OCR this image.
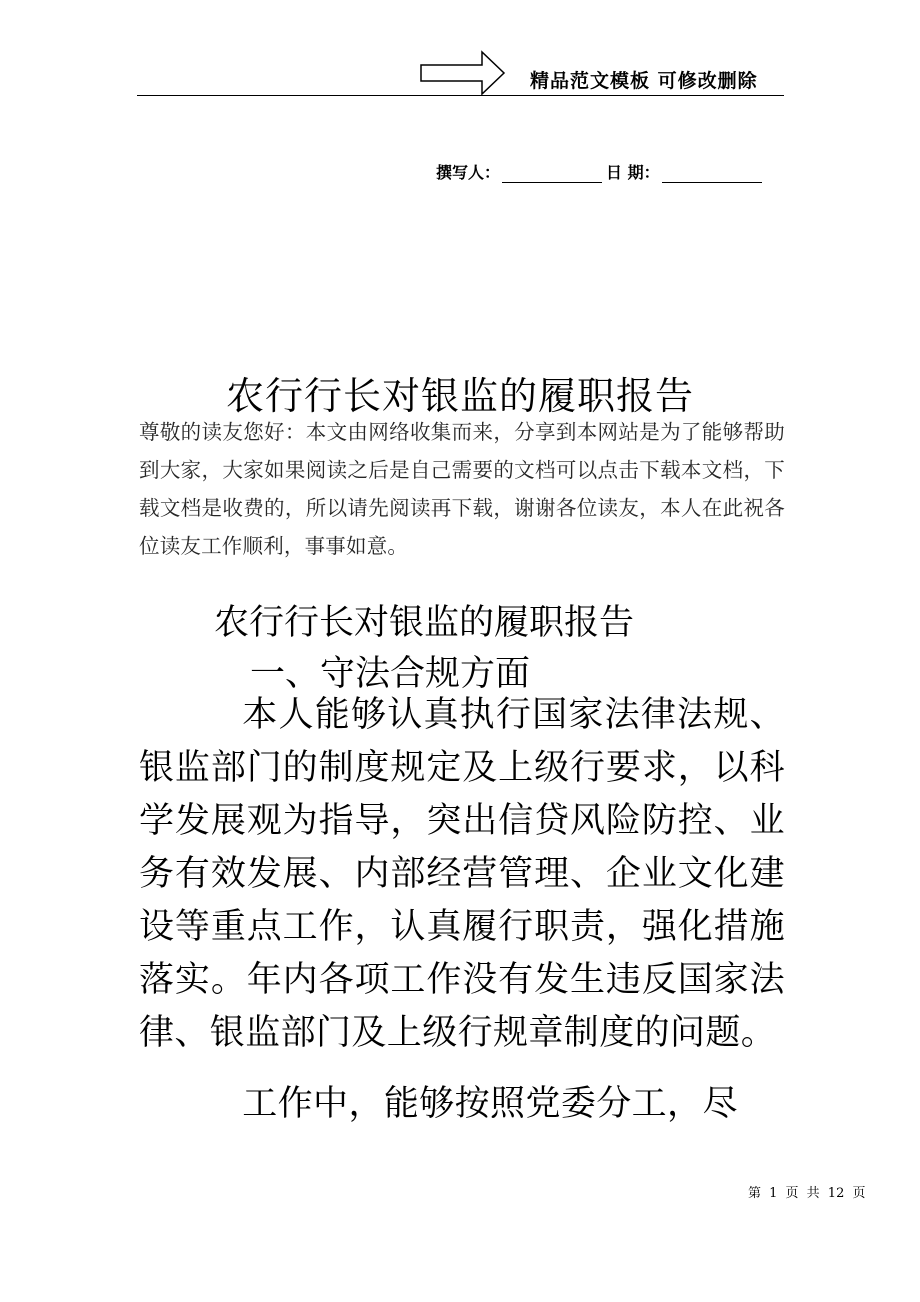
精品范文模板 可修改删除
撰写人：	日 期：
农行行长对银监的履职报告

尊敬的读友您好：本文由网络收集而来，分享到本网站是为了能够帮助到大家，大家如果阅读之后是自己需要的文档可以点击下载本文档，下载文档是收费的，所以请先阅读再下载，谢谢各位读友，本人在此祝各位读友工作顺利，事事如意。

农行行长对银监的履职报告
一、守法合规方面

本人能够认真执行国家法律法规、银监部门的制度规定及上级行要求，以科学发展观为指导，突出信贷风险防控、业务有效发展、内部经营管理、企业文化建设等重点工作，认真履行职责，强化措施落实。年内各项工作没有发生违反国家法律、银监部门及上级行规章制度的问题。

工作中，能够按照党委分工，尽

第 1 页 共 12 页
